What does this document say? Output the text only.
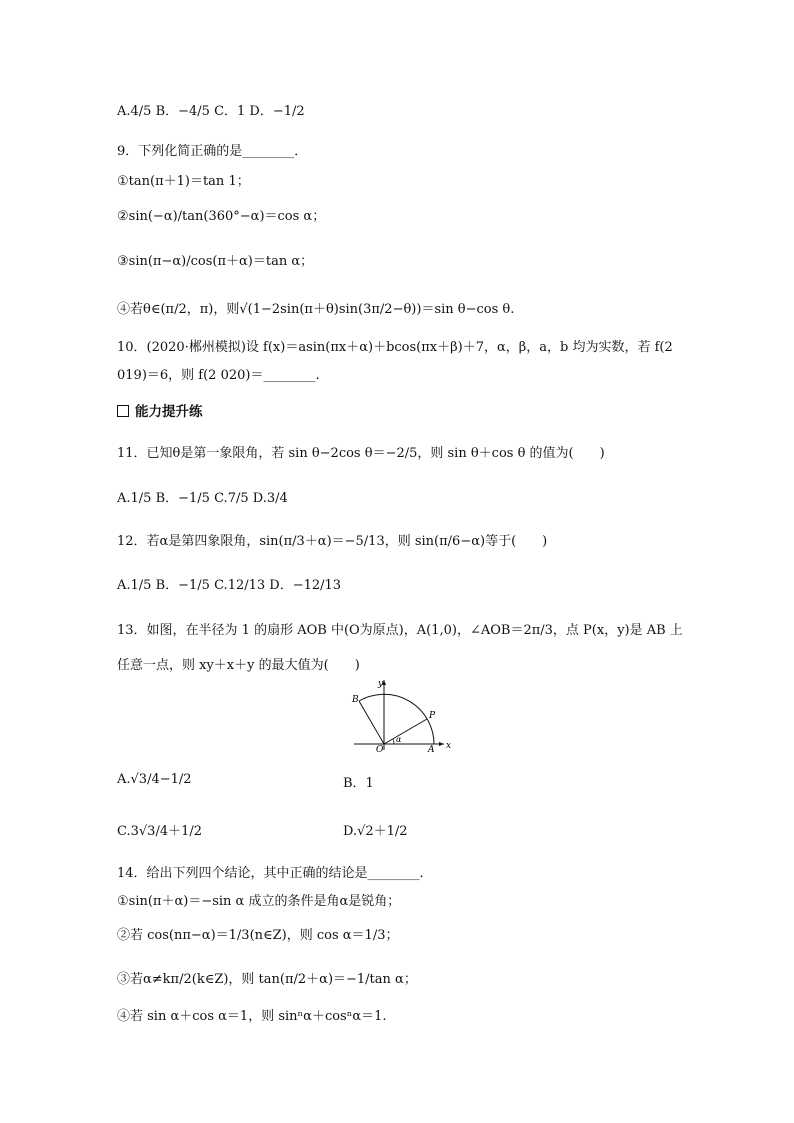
A.4/5 B．−4/5 C．1 D．−1/2
9．下列化简正确的是________．
①tan(π＋1)＝tan 1；
②sin(−α)/tan(360°−α)＝cos α；
③sin(π−α)/cos(π＋α)＝tan α；
④若θ∈(π/2，π)，则√(1−2sin(π＋θ)sin(3π/2−θ))＝sin θ−cos θ.
10．(2020·郴州模拟)设 f(x)＝asin(πx＋α)＋bcos(πx＋β)＋7，α，β，a，b 均为实数，若 f(2
019)＝6，则 f(2 020)＝________.
能力提升练
11．已知θ是第一象限角，若 sin θ−2cos θ＝−2/5，则 sin θ＋cos θ 的值为(　　)
A.1/5 B．−1/5 C.7/5 D.3/4
12．若α是第四象限角，sin(π/3＋α)＝−5/13，则 sin(π/6−α)等于(　　)
A.1/5 B．−1/5 C.12/13 D．−12/13
13．如图，在半径为 1 的扇形 AOB 中(O为原点)，A(1,0)，∠AOB＝2π/3，点 P(x，y)是 AB 上
任意一点，则 xy＋x＋y 的最大值为(　　)
y
x
O	A
B
P
α
A.√3/4−1/2	B．1
C.3√3/4＋1/2	D.√2＋1/2
14．给出下列四个结论，其中正确的结论是________．
①sin(π＋α)＝−sin α 成立的条件是角α是锐角；
②若 cos(nπ−α)＝1/3(n∈Z)，则 cos α＝1/3；
③若α≠kπ/2(k∈Z)，则 tan(π/2＋α)＝−1/tan α；
④若 sin α＋cos α＝1，则 sinⁿα＋cosⁿα＝1.
